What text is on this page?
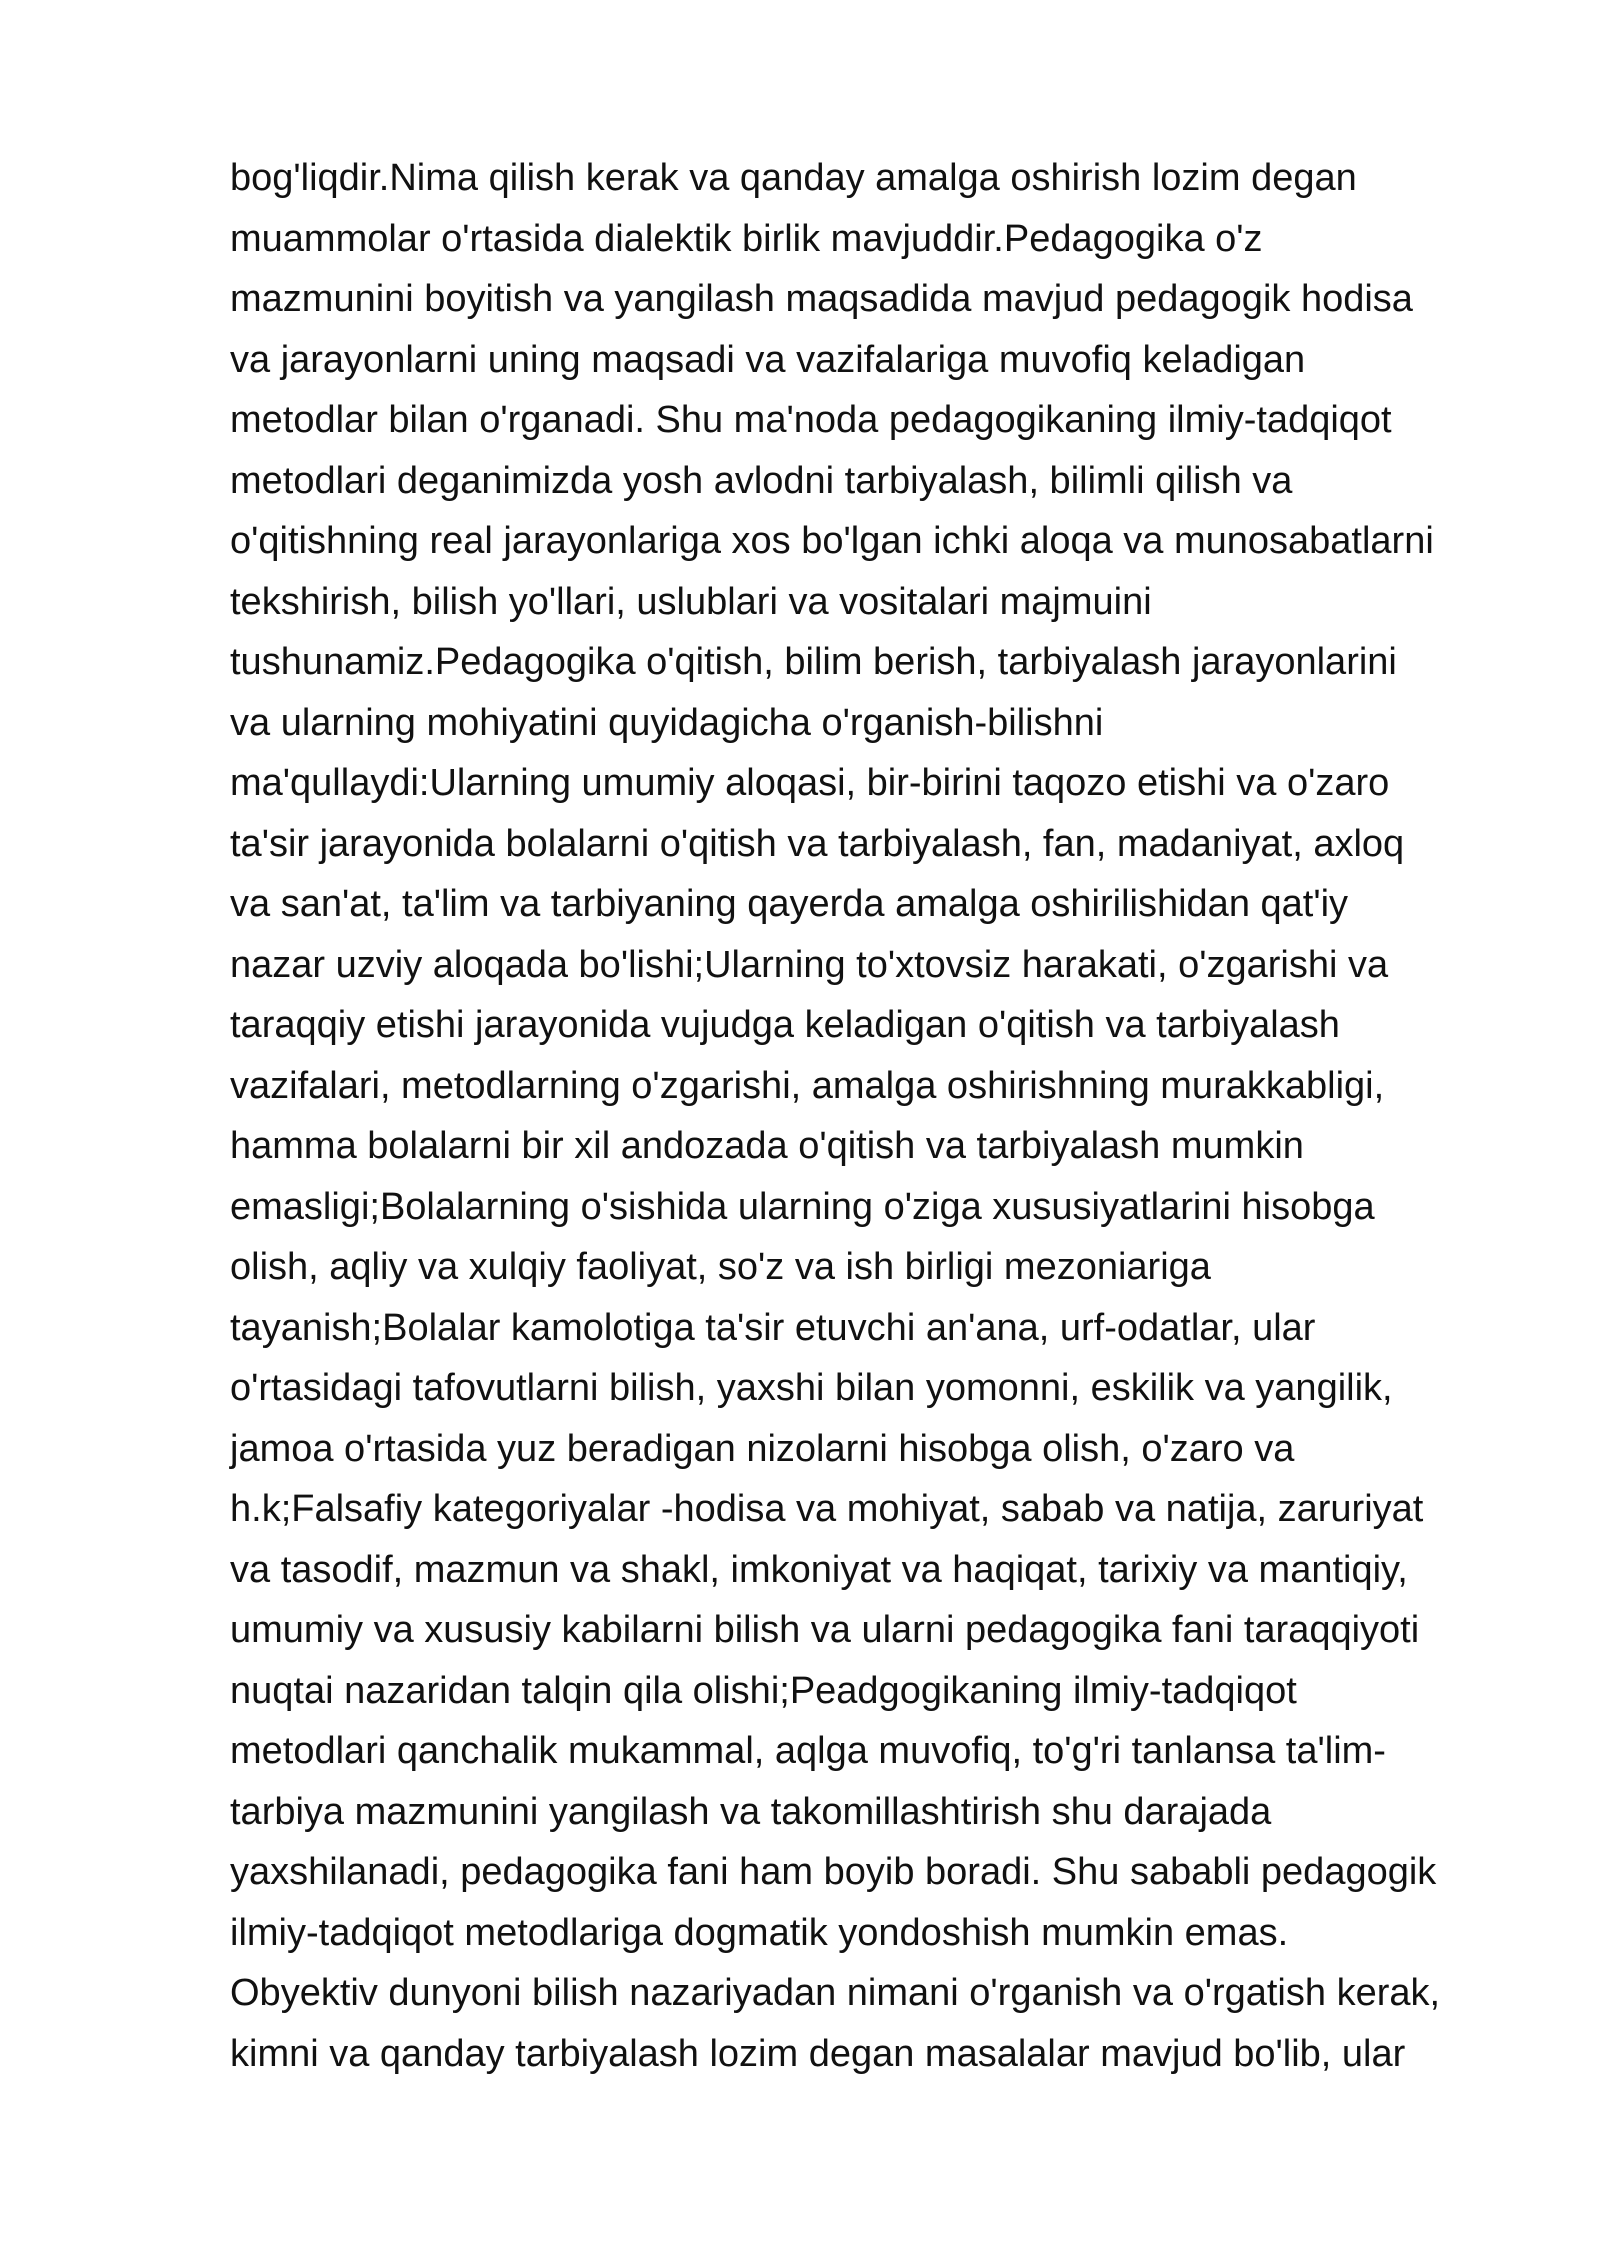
bog'liqdir.Nima qilish kerak va qanday amalga oshirish lozim degan
muammolar o'rtasida dialektik birlik mavjuddir.Pedagogika o'z
mazmunini boyitish va yangilash maqsadida mavjud pedagogik hodisa
va jarayonlarni uning maqsadi va vazifalariga muvofiq keladigan
metodlar bilan o'rganadi. Shu ma'noda pedagogikaning ilmiy-tadqiqot
metodlari deganimizda yosh avlodni tarbiyalash, bilimli qilish va
o'qitishning real jarayonlariga xos bo'lgan ichki aloqa va munosabatlarni
tekshirish, bilish yo'llari, uslublari va vositalari majmuini
tushunamiz.Pedagogika o'qitish, bilim berish, tarbiyalash jarayonlarini
va ularning mohiyatini quyidagicha o'rganish-bilishni
ma'qullaydi:Ularning umumiy aloqasi, bir-birini taqozo etishi va o'zaro
ta'sir jarayonida bolalarni o'qitish va tarbiyalash, fan, madaniyat, axloq
va san'at, ta'lim va tarbiyaning qayerda amalga oshirilishidan qat'iy
nazar uzviy aloqada bo'lishi;Ularning to'xtovsiz harakati, o'zgarishi va
taraqqiy etishi jarayonida vujudga keladigan o'qitish va tarbiyalash
vazifalari, metodlarning o'zgarishi, amalga oshirishning murakkabligi,
hamma bolalarni bir xil andozada o'qitish va tarbiyalash mumkin
emasligi;Bolalarning o'sishida ularning o'ziga xususiyatlarini hisobga
olish, aqliy va xulqiy faoliyat, so'z va ish birligi mezoniariga
tayanish;Bolalar kamolotiga ta'sir etuvchi an'ana, urf-odatlar, ular
o'rtasidagi tafovutlarni bilish, yaxshi bilan yomonni, eskilik va yangilik,
jamoa o'rtasida yuz beradigan nizolarni hisobga olish, o'zaro va
h.k;Falsafiy kategoriyalar -hodisa va mohiyat, sabab va natija, zaruriyat
va tasodif, mazmun va shakl, imkoniyat va haqiqat, tarixiy va mantiqiy,
umumiy va xususiy kabilarni bilish va ularni pedagogika fani taraqqiyoti
nuqtai nazaridan talqin qila olishi;Peadgogikaning ilmiy-tadqiqot
metodlari qanchalik mukammal, aqlga muvofiq, to'g'ri tanlansa ta'lim-
tarbiya mazmunini yangilash va takomillashtirish shu darajada
yaxshilanadi, pedagogika fani ham boyib boradi. Shu sababli pedagogik
ilmiy-tadqiqot metodlariga dogmatik yondoshish mumkin emas.
Obyektiv dunyoni bilish nazariyadan nimani o'rganish va o'rgatish kerak,
kimni va qanday tarbiyalash lozim degan masalalar mavjud bo'lib, ular
